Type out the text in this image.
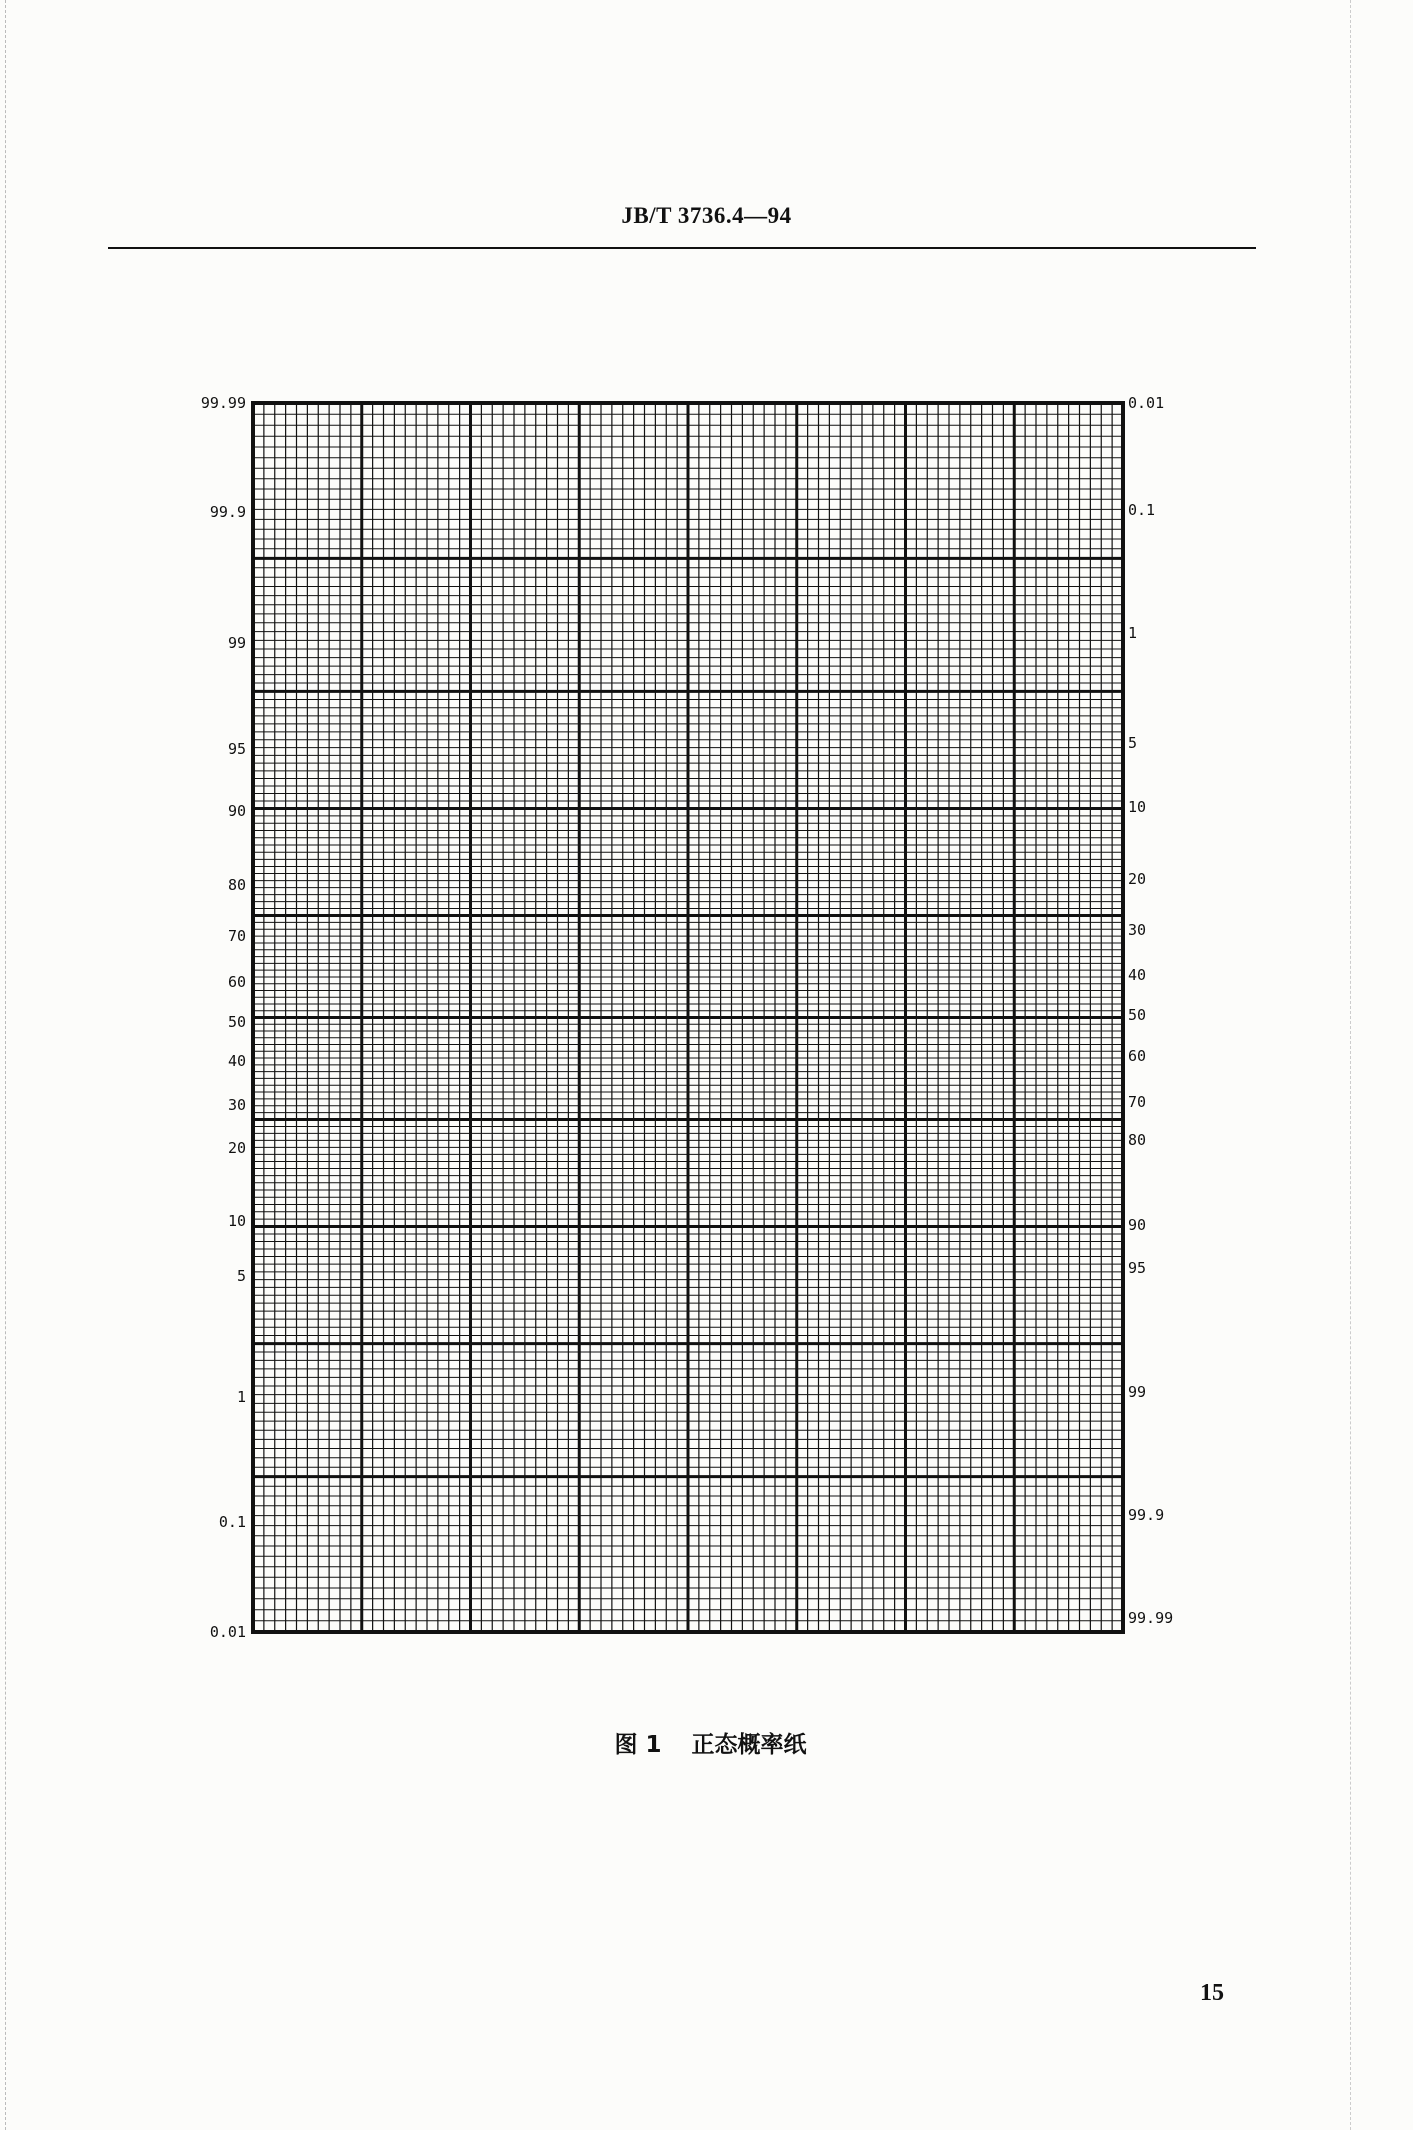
JB/T 3736.4—94
99.99
99.9
99
95
90
80
70
60
50
40
30
20
10
5
1
0.1
0.01
0.01
0.1
1
5
10
20
30
40
50
60
70
80
90
95
99
99.9
99.99
图 1 正态概率纸
15
